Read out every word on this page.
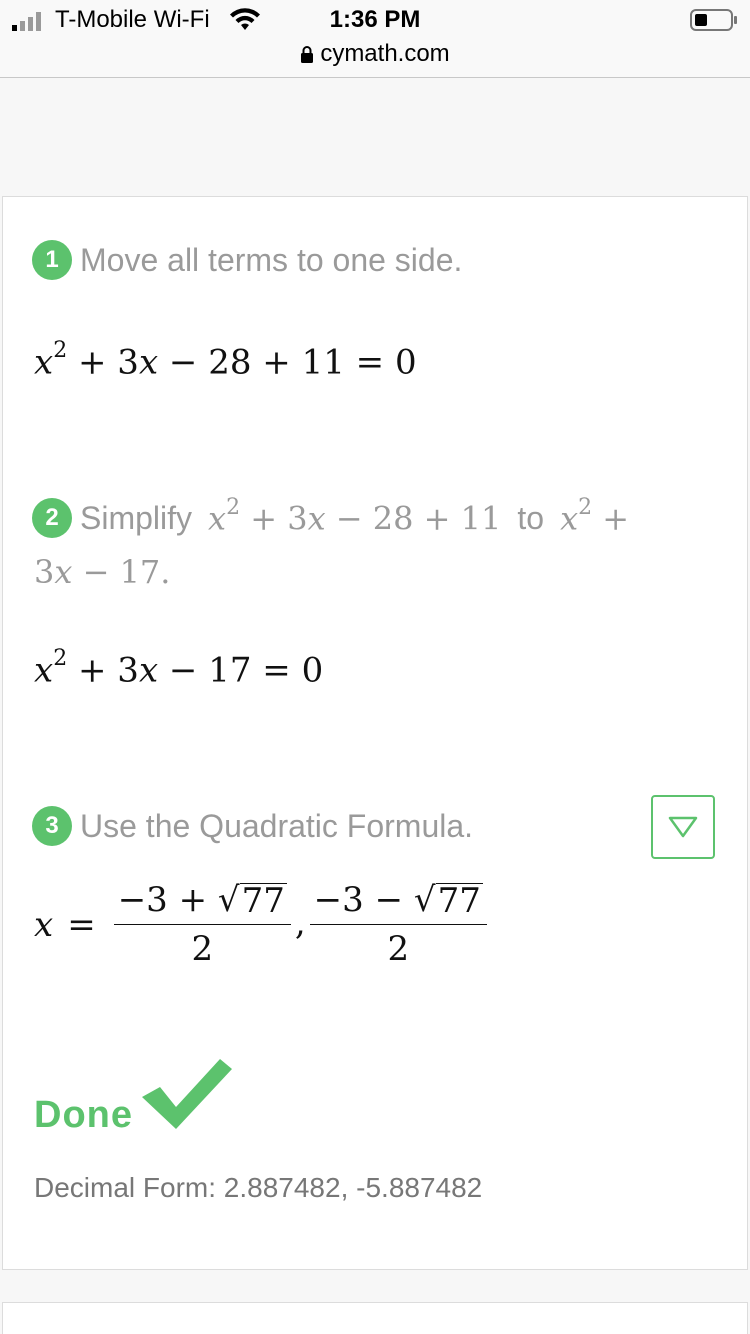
T-Mobile Wi-Fi	1:36 PM
cymath.com
1 Move all terms to one side.
$x^2 + 3x - 28 + 11 = 0$
2 Simplify $x^2 + 3x - 28 + 11$ to $x^2$ +
3x − 17.
$x^2 + 3x - 17 = 0$
3 Use the Quadratic Formula.
$x = \frac{-3 + √ 77}{2}$ , $\frac{-3 - √ 77}{2}$
Done
Decimal Form: 2.887482, -5.887482
